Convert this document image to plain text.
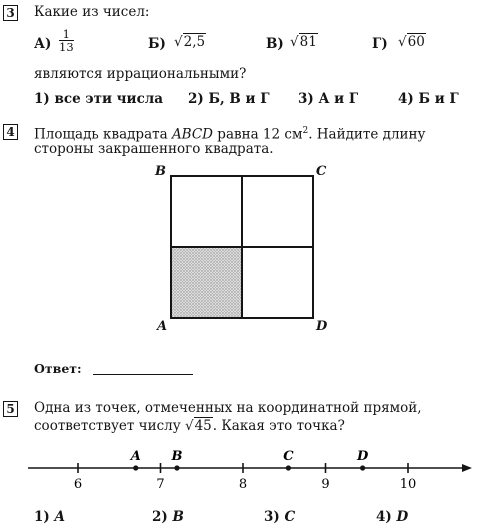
3 Какие из чисел:
$А) \frac{1}{13}$	Б) √2,5	В) √81	Г) √60
являются иррациональными?
1) все эти числа 2) Б, В и Г 3) А и Г	4) Б и Г
4 Площадь квадрата ABCD равна 12 $см^2$. Найдите длину
стороны закрашенного квадрата.
B	C
A	D
Ответ:
5 Одна из точек, отмеченных на координатной прямой,
соответствует числу √45. Какая это точка?
6	7	8	9	10
A B	C	D
1) A	2) B	3) C	4) D
